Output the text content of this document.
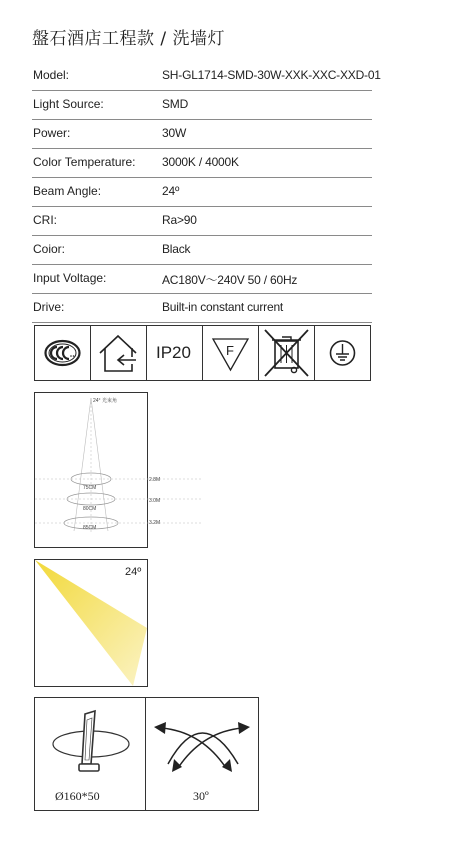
盤石酒店工程款 / 洗墙灯
Model:	SH-GL1714-SMD-30W-XXK-XXC-XXD-01
Light Source:	SMD
Power:	30W
Color Temperature: 3000K / 4000K
Beam Angle:	24º
CRI:	Ra>90
Coior:	Black
Input Voltage:	AC180V～240V 50 / 60Hz
Drive:	Built-in constant current
IP20	F
24° 光束角
75CM
80CM
85CM
2.8M
3.0M
3.2M
24º
Ø160*50	30º
